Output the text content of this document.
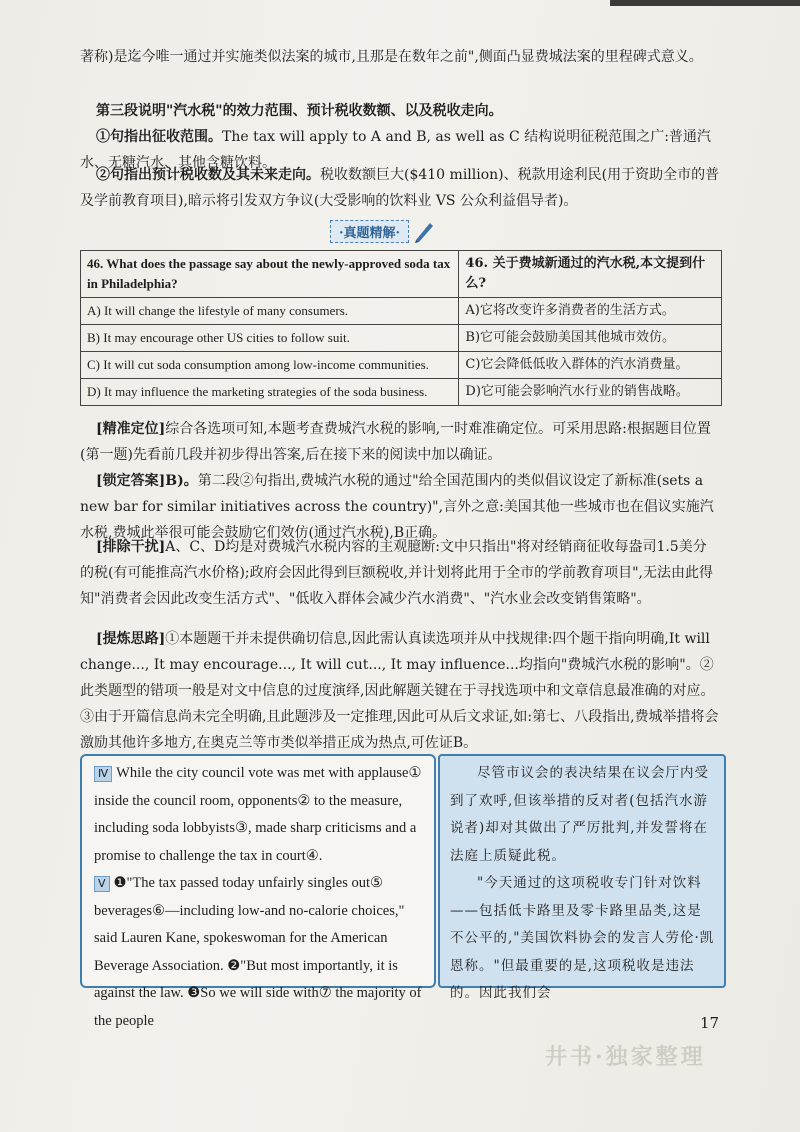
著称)是迄今唯一通过并实施类似法案的城市,且那是在数年之前",侧面凸显费城法案的里程碑式意义。
第三段说明"汽水税"的效力范围、预计税收数额、以及税收走向。
①句指出征收范围。The tax will apply to A and B, as well as C 结构说明征税范围之广:普通汽水、无糖汽水、其他含糖饮料。
②句指出预计税收数及其未来走向。税收数额巨大($410 million)、税款用途利民(用于资助全市的普及学前教育项目),暗示将引发双方争议(大受影响的饮料业 VS 公众利益倡导者)。
·真题精解·
46. What does the passage say about the newly-approved soda tax in Philadelphia?	46. 关于费城新通过的汽水税,本文提到什么?
A) It will change the lifestyle of many consumers.	A)它将改变许多消费者的生活方式。
B) It may encourage other US cities to follow suit.	B)它可能会鼓励美国其他城市效仿。
C) It will cut soda consumption among low-income communities.	C)它会降低低收入群体的汽水消费量。
D) It may influence the marketing strategies of the soda business.	D)它可能会影响汽水行业的销售战略。
[精准定位]综合各选项可知,本题考查费城汽水税的影响,一时难准确定位。可采用思路:根据题目位置(第一题)先看前几段并初步得出答案,后在接下来的阅读中加以确证。
[锁定答案]B)。第二段②句指出,费城汽水税的通过"给全国范围内的类似倡议设定了新标准(sets a new bar for similar initiatives across the country)",言外之意:美国其他一些城市也在倡议实施汽水税,费城此举很可能会鼓励它们效仿(通过汽水税),B正确。
[排除干扰]A、C、D均是对费城汽水税内容的主观臆断:文中只指出"将对经销商征收每盎司1.5美分的税(有可能推高汽水价格);政府会因此得到巨额税收,并计划将此用于全市的学前教育项目",无法由此得知"消费者会因此改变生活方式"、"低收入群体会减少汽水消费"、"汽水业会改变销售策略"。
[提炼思路]①本题题干并未提供确切信息,因此需认真读选项并从中找规律:四个题干指向明确,It will change..., It may encourage..., It will cut..., It may influence...均指向"费城汽水税的影响"。②此类题型的错项一般是对文中信息的过度演绎,因此解题关键在于寻找选项中和文章信息最准确的对应。③由于开篇信息尚未完全明确,且此题涉及一定推理,因此可从后文求证,如:第七、八段指出,费城举措将会激励其他许多地方,在奥克兰等市类似举措正成为热点,可佐证B。
Ⅳ While the city council vote was met with applause① inside the council room, opponents② to the measure, including soda lobbyists③, made sharp criticisms and a promise to challenge the tax in court④.
Ⅴ ❶"The tax passed today unfairly singles out⑤ beverages⑥—including low-and no-calorie choices," said Lauren Kane, spokeswoman for the American Beverage Association. ❷"But most importantly, it is against the law. ❸So we will side with⑦ the majority of the people
尽管市议会的表决结果在议会厅内受到了欢呼,但该举措的反对者(包括汽水游说者)却对其做出了严厉批判,并发誓将在法庭上质疑此税。
"今天通过的这项税收专门针对饮料——包括低卡路里及零卡路里品类,这是不公平的,"美国饮料协会的发言人劳伦·凯恩称。"但最重要的是,这项税收是违法的。因此我们会
17
井书·独家整理
